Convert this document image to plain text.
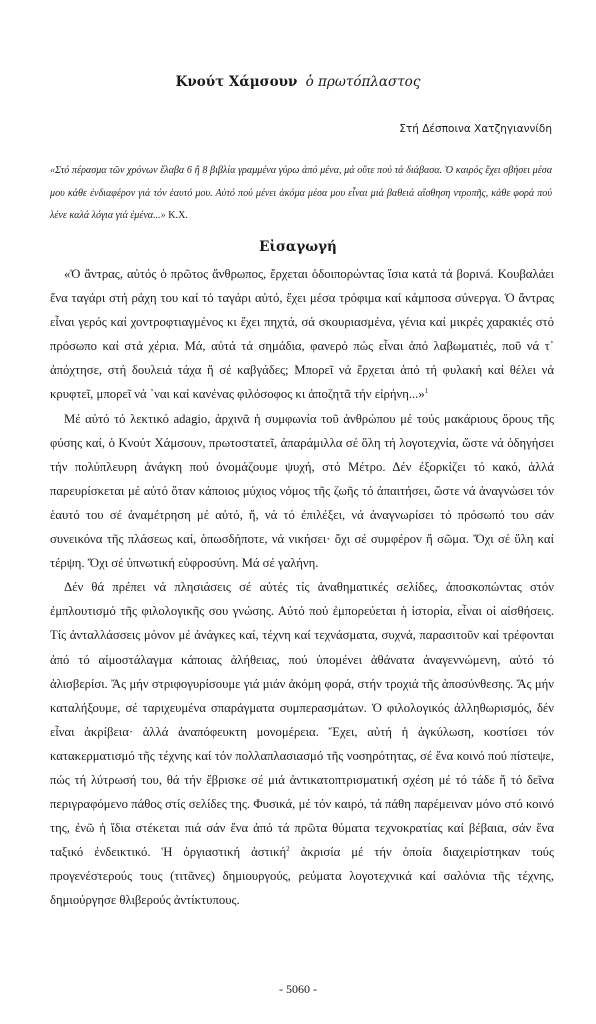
Κνούτ Χάμσουν ὁ πρωτόπλαστος
Στή Δέσποινα Χατζηγιαννίδη
«Στό πέρασμα τῶν χρόνων ἔλαβα 6 ἤ 8 βιβλία γραμμένα γύρω ἀπό μένα, μά οὔτε πού τά διάβασα. Ὁ καιρός ἔχει σβήσει μέσα μου κάθε ἐνδιαφέρον γιά τόν ἑαυτό μου. Αὐτό πού μένει ἀκόμα μέσα μου εἶναι μιά βαθειά αἴσθηση ντροπῆς, κάθε φορά πού λένε καλά λόγια γιά ἐμένα...» Κ.Χ.
Εἰσαγωγή

«Ὁ ἄντρας, αὐτός ὁ πρῶτος ἄνθρωπος, ἔρχεται ὁδοιπορώντας ἴσια κατά τά βορινá. Κουβαλάει ἕνα ταγάρι στή ράχη του καί τό ταγάρι αὐτό, ἔχει μέσα τρόφιμα καί κάμποσα σύνεργα. Ὁ ἄντρας εἶναι γερός καί χοντροφτιαγμένος κι ἔχει πηχτά, σά σκουριασμένα, γένια καί μικρές χαρακιές στό πρόσωπο καί στά χέρια. Μά, αὐτά τά σημάδια, φανερό πώς εἶναι ἀπό λαβωματιές, ποῦ νά τ᾽ ἀπόχτησε, στή δουλειά τάχα ἤ σέ καβγάδες; Μπορεῖ νά ἔρχεται ἀπό τή φυλακή καί θέλει νά κρυφτεῖ, μπορεῖ νά ᾽ναι καί κανένας φιλόσοφος κι ἀποζητᾶ τήν εἰρήνη...»$^1$

Μέ αὐτό τό λεκτικό adagio, ἀρχινᾶ ἡ συμφωνία τοῦ ἀνθρώπου μέ τούς μακάριους ὅρους τῆς φύσης καί, ὁ Κνούτ Χάμσουν, πρωτοστατεῖ, ἀπαράμιλλα σέ ὅλη τή λογοτεχνία, ὥστε νά ὁδηγήσει τήν πολύπλευρη ἀνάγκη πού ὀνομάζουμε ψυχή, στό Μέτρο. Δέν ἐξορκίζει τό κακό, ἀλλά παρευρίσκεται μέ αὐτό ὅταν κάποιος μύχιος νόμος τῆς ζωῆς τό ἀπαιτήσει, ὥστε νά ἀναγνώσει τόν ἑαυτό του σέ ἀναμέτρηση μέ αὐτό, ἤ, νά τό ἐπιλέξει, νά ἀναγνωρίσει τό πρόσωπό του σάν συνεικόνα τῆς πλάσεως καί, ὁπωσδήποτε, νά νικήσει· ὄχι σέ συμφέρον ἤ σῶμα. Ὄχι σέ ὕλη καί τέρψη. Ὄχι σέ ὑπνωτική εὐφροσύνη. Μά σέ γαλήνη.

Δέν θά πρέπει νά πλησιάσεις σέ αὐτές τίς ἀναθηματικές σελίδες, ἀποσκοπώντας στόν ἐμπλουτισμό τῆς φιλολογικῆς σου γνώσης. Αὐτό ποὐ ἐμπορεύεται ἡ ἱστορία, εἶναι οἱ αἰσθήσεις. Τίς ἀνταλλάσσεις μόνον μέ ἀνάγκες καί, τέχνη καί τεχνάσματα, συχνά, παρασιτοῦν καί τρέφονται ἀπό τό αἱμοστάλαγμα κάποιας ἀλήθειας, πού ὑπομένει ἀθάνατα ἀναγεννώμενη, αὐτό τό ἀλισβερίσι. Ἄς μήν στριφογυρίσουμε γιά μιάν ἀκόμη φορά, στήν τροχιά τῆς ἀποσύνθεσης. Ἄς μήν καταλήξουμε, σέ ταριχευμένα σπαράγματα συμπερασμάτων. Ὁ φιλολογικός ἀλληθωρισμός, δέν εἶναι ἀκρίβεια· ἀλλά ἀναπόφευκτη μονομέρεια. Ἔχει, αὐτή ἡ ἀγκύλωση, κοστίσει τόν κατακερματισμό τῆς τέχνης καί τόν πολλαπλασιασμό τῆς νοσηρότητας, σέ ἕνα κοινό πού πίστεψε, πώς τή λύτρωσή του, θά τήν ἔβρισκε σέ μιά ἀντικατοπτρισματική σχέση μέ τό τάδε ἤ τό δεῖνα περιγραφόμενο πάθος στίς σελίδες της. Φυσικά, μέ τόν καιρό, τά πάθη παρέμειναν μόνο στό κοινό της, ἐνῶ ἡ ἴδια στέκεται πιά σάν ἕνα ἀπό τά πρῶτα θύματα τεχνοκρατίας καί βέβαια, σάν ἕνα ταξικό ἐνδεικτικό. Ἡ ὀργιαστική ἀστική$^2$ ἀκρισία μέ τήν ὁποία διαχειρίστηκαν τούς προγενέστερούς τους (τιτᾶνες) δημιουργούς, ρεύματα λογοτεχνικά καί σαλόνια τῆς τέχνης, δημιούργησε θλιβερούς ἀντίκτυπους.

- 5060 -
